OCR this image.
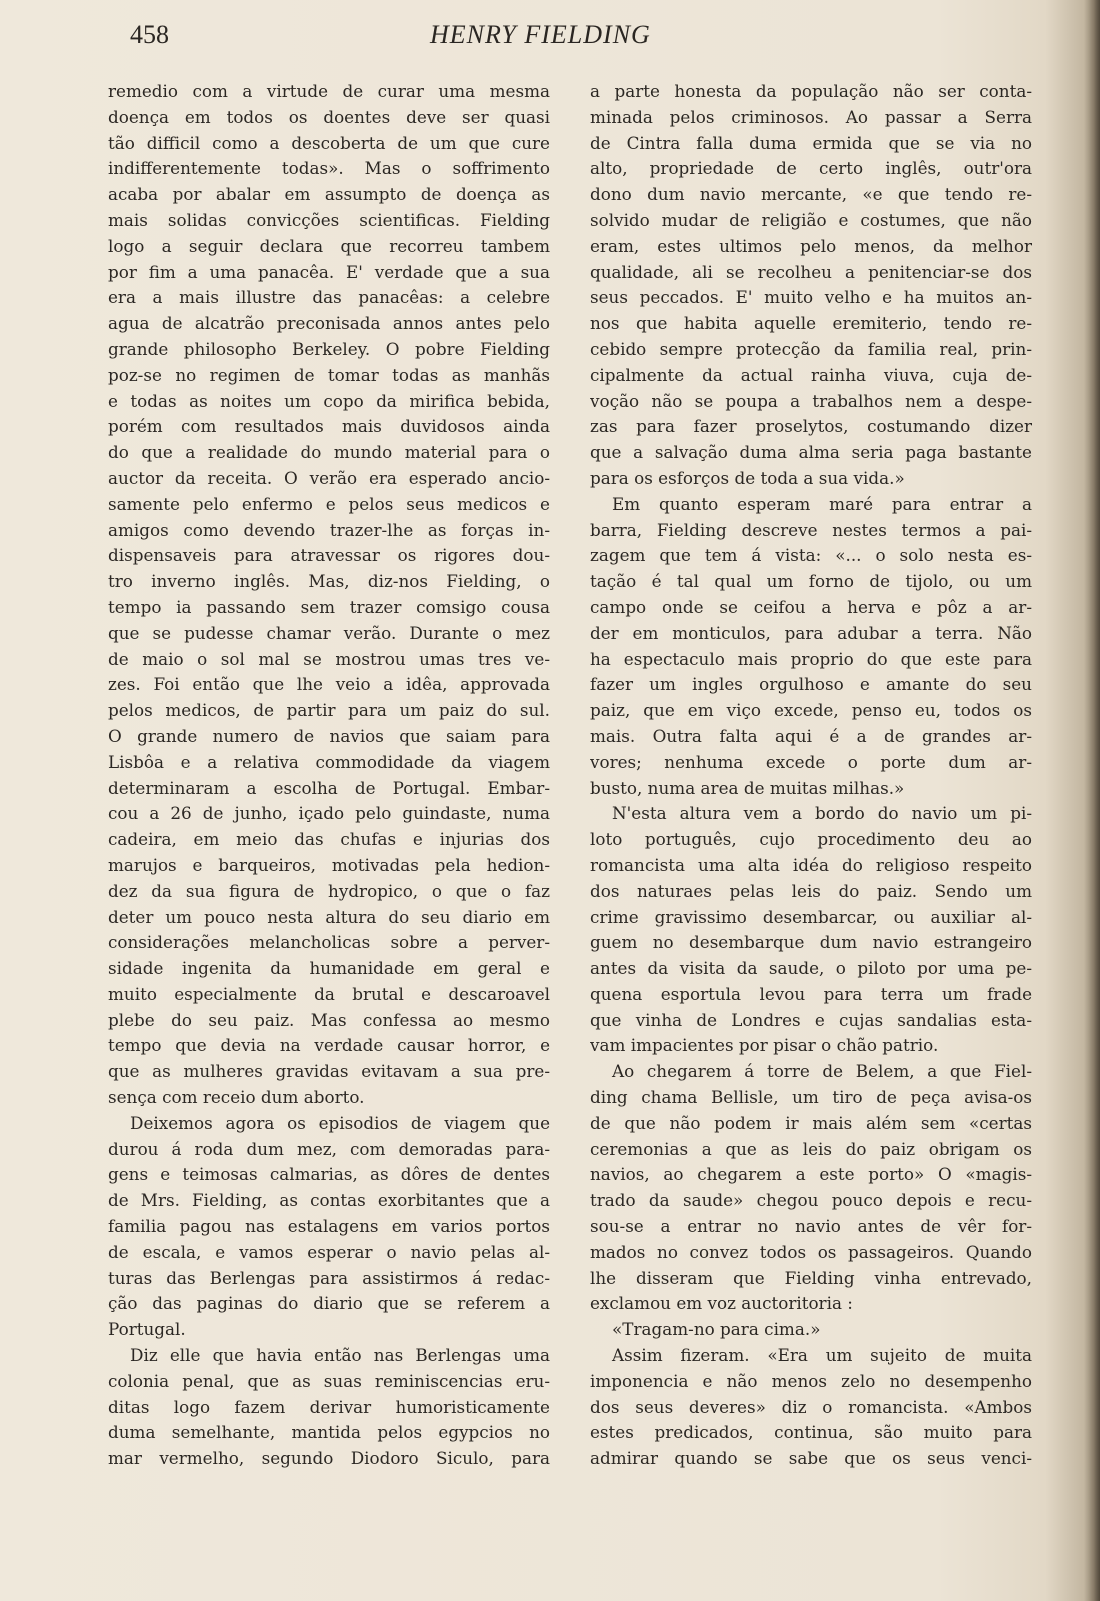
458	HENRY FIELDING
remedio com a virtude de curar uma mesma
doença em todos os doentes deve ser quasi
tão difficil como a descoberta de um que cure
indifferentemente todas». Mas o soffrimento
acaba por abalar em assumpto de doença as
mais solidas convicções scientificas. Fielding
logo a seguir declara que recorreu tambem
por fim a uma panacêa. E' verdade que a sua
era a mais illustre das panacêas: a celebre
agua de alcatrão preconisada annos antes pelo
grande philosopho Berkeley. O pobre Fielding
poz-se no regimen de tomar todas as manhãs
e todas as noites um copo da mirifica bebida,
porém com resultados mais duvidosos ainda
do que a realidade do mundo material para o
auctor da receita. O verão era esperado ancio-
samente pelo enfermo e pelos seus medicos e
amigos como devendo trazer-lhe as forças in-
dispensaveis para atravessar os rigores dou-
tro inverno inglês. Mas, diz-nos Fielding, o
tempo ia passando sem trazer comsigo cousa
que se pudesse chamar verão. Durante o mez
de maio o sol mal se mostrou umas tres ve-
zes. Foi então que lhe veio a idêa, approvada
pelos medicos, de partir para um paiz do sul.
O grande numero de navios que saiam para
Lisbôa e a relativa commodidade da viagem
determinaram a escolha de Portugal. Embar-
cou a 26 de junho, içado pelo guindaste, numa
cadeira, em meio das chufas e injurias dos
marujos e barqueiros, motivadas pela hedion-
dez da sua figura de hydropico, o que o faz
deter um pouco nesta altura do seu diario em
considerações melancholicas sobre a perver-
sidade ingenita da humanidade em geral e
muito especialmente da brutal e descaroavel
plebe do seu paiz. Mas confessa ao mesmo
tempo que devia na verdade causar horror, e
que as mulheres gravidas evitavam a sua pre-
sença com receio dum aborto.
Deixemos agora os episodios de viagem que
durou á roda dum mez, com demoradas para-
gens e teimosas calmarias, as dôres de dentes
de Mrs. Fielding, as contas exorbitantes que a
familia pagou nas estalagens em varios portos
de escala, e vamos esperar o navio pelas al-
turas das Berlengas para assistirmos á redac-
ção das paginas do diario que se referem a
Portugal.
Diz elle que havia então nas Berlengas uma
colonia penal, que as suas reminiscencias eru-
ditas logo fazem derivar humoristicamente
duma semelhante, mantida pelos egypcios no
mar vermelho, segundo Diodoro Siculo, para
a parte honesta da população não ser conta-
minada pelos criminosos. Ao passar a Serra
de Cintra falla duma ermida que se via no
alto, propriedade de certo inglês, outr'ora
dono dum navio mercante, «e que tendo re-
solvido mudar de religião e costumes, que não
eram, estes ultimos pelo menos, da melhor
qualidade, ali se recolheu a penitenciar-se dos
seus peccados. E' muito velho e ha muitos an-
nos que habita aquelle eremiterio, tendo re-
cebido sempre protecção da familia real, prin-
cipalmente da actual rainha viuva, cuja de-
voção não se poupa a trabalhos nem a despe-
zas para fazer proselytos, costumando dizer
que a salvação duma alma seria paga bastante
para os esforços de toda a sua vida.»
Em quanto esperam maré para entrar a
barra, Fielding descreve nestes termos a pai-
zagem que tem á vista: «... o solo nesta es-
tação é tal qual um forno de tijolo, ou um
campo onde se ceifou a herva e pôz a ar-
der em monticulos, para adubar a terra. Não
ha espectaculo mais proprio do que este para
fazer um ingles orgulhoso e amante do seu
paiz, que em viço excede, penso eu, todos os
mais. Outra falta aqui é a de grandes ar-
vores; nenhuma excede o porte dum ar-
busto, numa area de muitas milhas.»
N'esta altura vem a bordo do navio um pi-
loto português, cujo procedimento deu ao
romancista uma alta idéa do religioso respeito
dos naturaes pelas leis do paiz. Sendo um
crime gravissimo desembarcar, ou auxiliar al-
guem no desembarque dum navio estrangeiro
antes da visita da saude, o piloto por uma pe-
quena esportula levou para terra um frade
que vinha de Londres e cujas sandalias esta-
vam impacientes por pisar o chão patrio.
Ao chegarem á torre de Belem, a que Fiel-
ding chama Bellisle, um tiro de peça avisa-os
de que não podem ir mais além sem «certas
ceremonias a que as leis do paiz obrigam os
navios, ao chegarem a este porto» O «magis-
trado da saude» chegou pouco depois e recu-
sou-se a entrar no navio antes de vêr for-
mados no convez todos os passageiros. Quando
lhe disseram que Fielding vinha entrevado,
exclamou em voz auctoritoria :
«Tragam-no para cima.»
Assim fizeram. «Era um sujeito de muita
imponencia e não menos zelo no desempenho
dos seus deveres» diz o romancista. «Ambos
estes predicados, continua, são muito para
admirar quando se sabe que os seus venci-
